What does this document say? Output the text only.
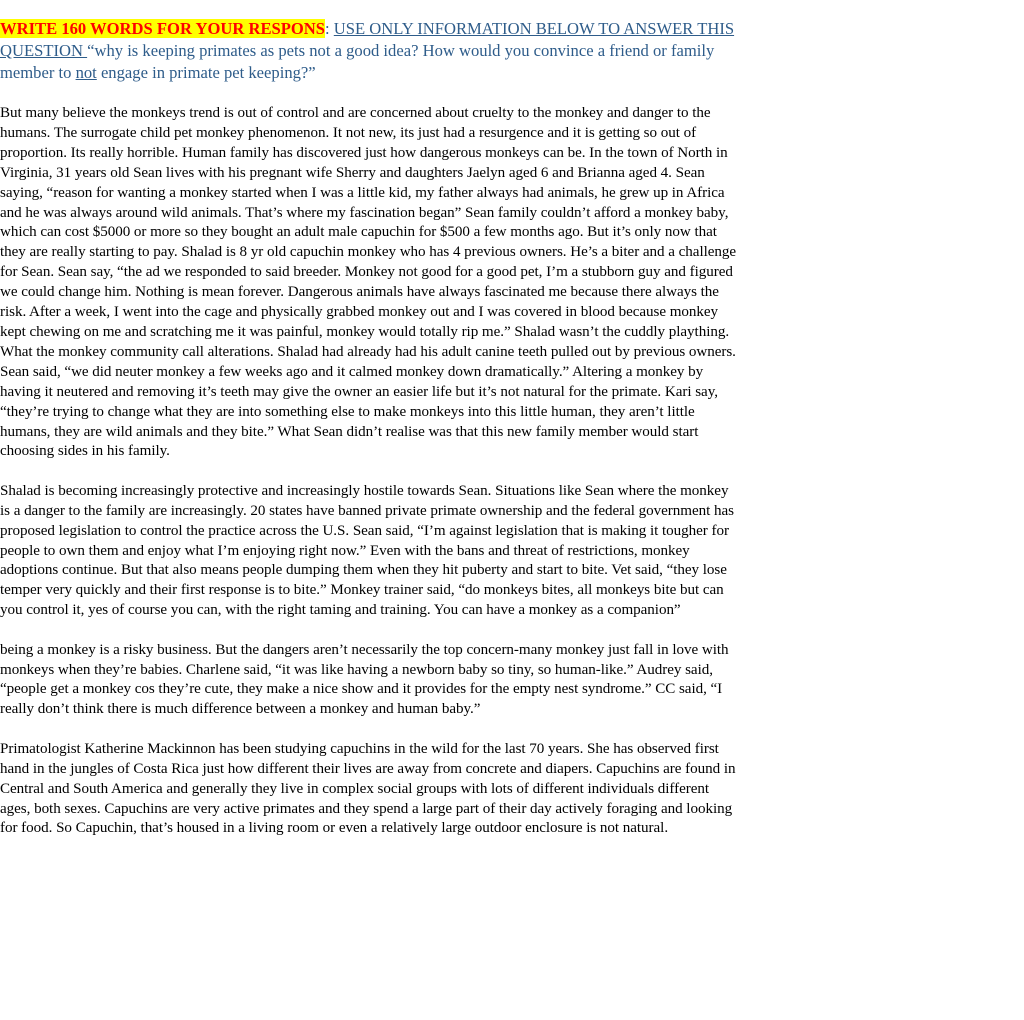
WRITE 160 WORDS FOR YOUR RESPONS: USE ONLY INFORMATION BELOW TO ANSWER THIS QUESTION “why is keeping primates as pets not a good idea? How would you convince a friend or family member to not engage in primate pet keeping?”

But many believe the monkeys trend is out of control and are concerned about cruelty to the monkey and danger to the humans. The surrogate child pet monkey phenomenon. It not new, its just had a resurgence and it is getting so out of proportion. Its really horrible. Human family has discovered just how dangerous monkeys can be. In the town of North in Virginia, 31 years old Sean lives with his pregnant wife Sherry and daughters Jaelyn aged 6 and Brianna aged 4. Sean saying, “reason for wanting a monkey started when I was a little kid, my father always had animals, he grew up in Africa and he was always around wild animals. That’s where my fascination began” Sean family couldn’t afford a monkey baby, which can cost $5000 or more so they bought an adult male capuchin for $500 a few months ago. But it’s only now that they are really starting to pay. Shalad is 8 yr old capuchin monkey who has 4 previous owners. He’s a biter and a challenge for Sean. Sean say, “the ad we responded to said breeder. Monkey not good for a good pet, I’m a stubborn guy and figured we could change him. Nothing is mean forever. Dangerous animals have always fascinated me because there always the risk. After a week, I went into the cage and physically grabbed monkey out and I was covered in blood because monkey kept chewing on me and scratching me it was painful, monkey would totally rip me.” Shalad wasn’t the cuddly plaything. What the monkey community call alterations. Shalad had already had his adult canine teeth pulled out by previous owners. Sean said, “we did neuter monkey a few weeks ago and it calmed monkey down dramatically.” Altering a monkey by having it neutered and removing it’s teeth may give the owner an easier life but it’s not natural for the primate. Kari say, “they’re trying to change what they are into something else to make monkeys into this little human, they aren’t little humans, they are wild animals and they bite.” What Sean didn’t realise was that this new family member would start choosing sides in his family.

Shalad is becoming increasingly protective and increasingly hostile towards Sean. Situations like Sean where the monkey is a danger to the family are increasingly. 20 states have banned private primate ownership and the federal government has proposed legislation to control the practice across the U.S. Sean said, “I’m against legislation that is making it tougher for people to own them and enjoy what I’m enjoying right now.” Even with the bans and threat of restrictions, monkey adoptions continue. But that also means people dumping them when they hit puberty and start to bite. Vet said, “they lose temper very quickly and their first response is to bite.” Monkey trainer said, “do monkeys bites, all monkeys bite but can you control it, yes of course you can, with the right taming and training. You can have a monkey as a companion”

being a monkey is a risky business. But the dangers aren’t necessarily the top concern-many monkey just fall in love with monkeys when they’re babies. Charlene said, “it was like having a newborn baby so tiny, so human-like.” Audrey said, “people get a monkey cos they’re cute, they make a nice show and it provides for the empty nest syndrome.” CC said, “I really don’t think there is much difference between a monkey and human baby.”

Primatologist Katherine Mackinnon has been studying capuchins in the wild for the last 70 years. She has observed first hand in the jungles of Costa Rica just how different their lives are away from concrete and diapers. Capuchins are found in Central and South America and generally they live in complex social groups with lots of different individuals different ages, both sexes. Capuchins are very active primates and they spend a large part of their day actively foraging and looking for food. So Capuchin, that’s housed in a living room or even a relatively large outdoor enclosure is not natural.
